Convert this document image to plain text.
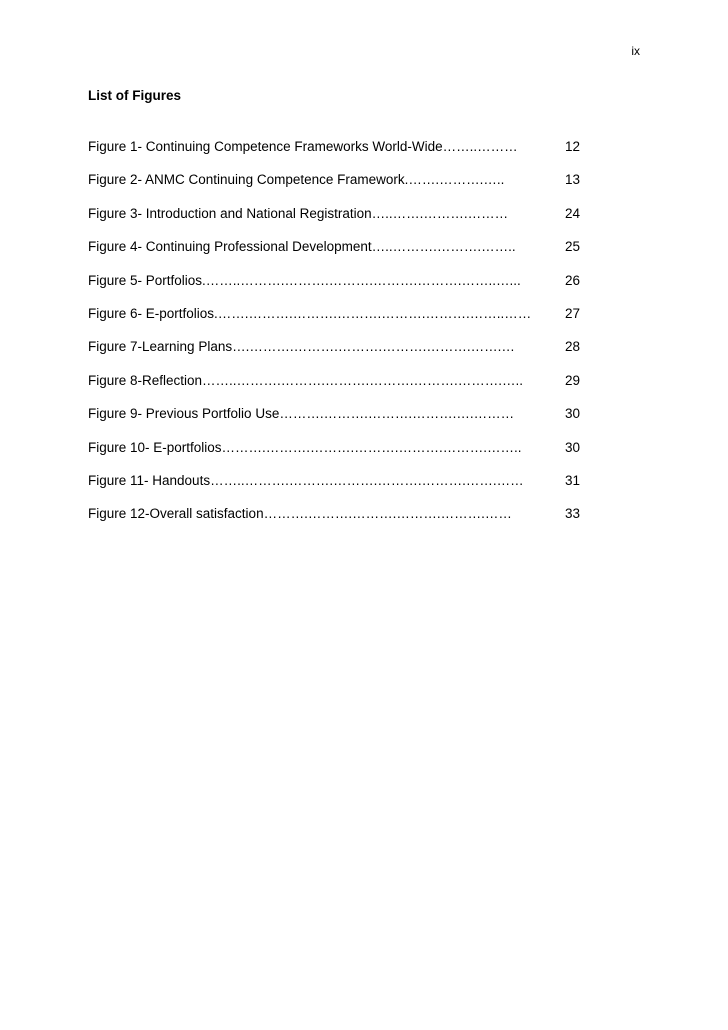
ix
List of Figures
Figure 1- Continuing Competence Frameworks World-Wide……..………	12
Figure 2- ANMC Continuing Competence Framework.…….……….…..	13
Figure 3- Introduction and National Registration…..…….……….………	24
Figure 4- Continuing Professional Development…..……….……….……..	25
Figure 5- Portfolios.……..……….……….……….……….……….……..…...	26
Figure 6- E-portfolios.…….……….……….……….……….……….……..……	27
Figure 7-Learning Plans….……….……….……….……….……….…….…	28
Figure 8-Reflection……..……….……….……….……….……….……….…..	29
Figure 9- Previous Portfolio Use……….……….……….……….….………	30
Figure 10- E-portfolios……….……….……….……….……….……….……..	30
Figure 11- Handouts……..……….……….……….……….……….…….……	31
Figure 12-Overall satisfaction……….……….……….……….……….……	33
